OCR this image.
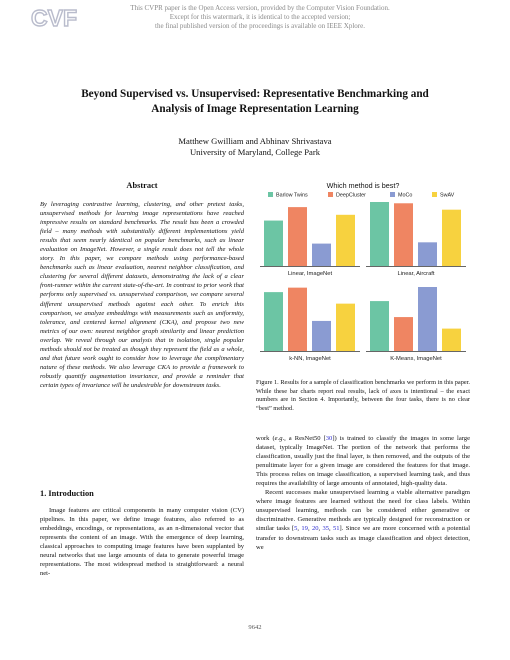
CVF	This CVPR paper is the Open Access version, provided by the Computer Vision Foundation.
Except for this watermark, it is identical to the accepted version;
the final published version of the proceedings is available on IEEE Xplore.
Beyond Supervised vs. Unsupervised: Representative Benchmarking and
Analysis of Image Representation Learning
Matthew Gwilliam and Abhinav Shrivastava
University of Maryland, College Park
Abstract
By leveraging contrastive learning, clustering, and other pretext tasks, unsupervised methods for learning image representations have reached impressive results on standard benchmarks. The result has been a crowded field – many methods with substantially different implementations yield results that seem nearly identical on popular benchmarks, such as linear evaluation on ImageNet. However, a single result does not tell the whole story. In this paper, we compare methods using performance-based benchmarks such as linear evaluation, nearest neighbor classification, and clustering for several different datasets, demonstrating the lack of a clear front-runner within the current state-of-the-art. In contrast to prior work that performs only supervised vs. unsupervised comparison, we compare several different unsupervised methods against each other. To enrich this comparison, we analyze embeddings with measurements such as uniformity, tolerance, and centered kernel alignment (CKA), and propose two new metrics of our own: nearest neighbor graph similarity and linear prediction overlap. We reveal through our analysis that in isolation, single popular methods should not be treated as though they represent the field as a whole, and that future work ought to consider how to leverage the complimentary nature of these methods. We also leverage CKA to provide a framework to robustly quantify augmentation invariance, and provide a reminder that certain types of invariance will be undesirable for downstream tasks.
1. Introduction

Image features are critical components in many computer vision (CV) pipelines. In this paper, we define image features, also referred to as embeddings, encodings, or representations, as an n-dimensional vector that represents the content of an image. With the emergence of deep learning, classical approaches to computing image features have been supplanted by neural networks that use large amounts of data to generate powerful image representations. The most widespread method is straightforward: a neural net-

Which method is best?
Barlow Twins	DeepCluster	MoCo	SwAV
Linear, ImageNet	Linear, Aircraft
k-NN, ImageNet	K-Means, ImageNet
Figure 1. Results for a sample of classification benchmarks we perform in this paper. While these bar charts report real results, lack of axes is intentional – the exact numbers are in Section 4. Importantly, between the four tasks, there is no clear “best” method.

work (e.g., a ResNet50 [30]) is trained to classify the images in some large dataset, typically ImageNet. The portion of the network that performs the classification, usually just the final layer, is then removed, and the outputs of the penultimate layer for a given image are considered the features for that image. This process relies on image classification, a supervised learning task, and thus requires the availability of large amounts of annotated, high-quality data.

Recent successes make unsupervised learning a viable alternative paradigm where image features are learned without the need for class labels. Within unsupervised learning, methods can be considered either generative or discriminative. Generative methods are typically designed for reconstruction or similar tasks [5, 19, 20, 35, 51]. Since we are more concerned with a potential transfer to downstream tasks such as image classification and object detection, we

9642
